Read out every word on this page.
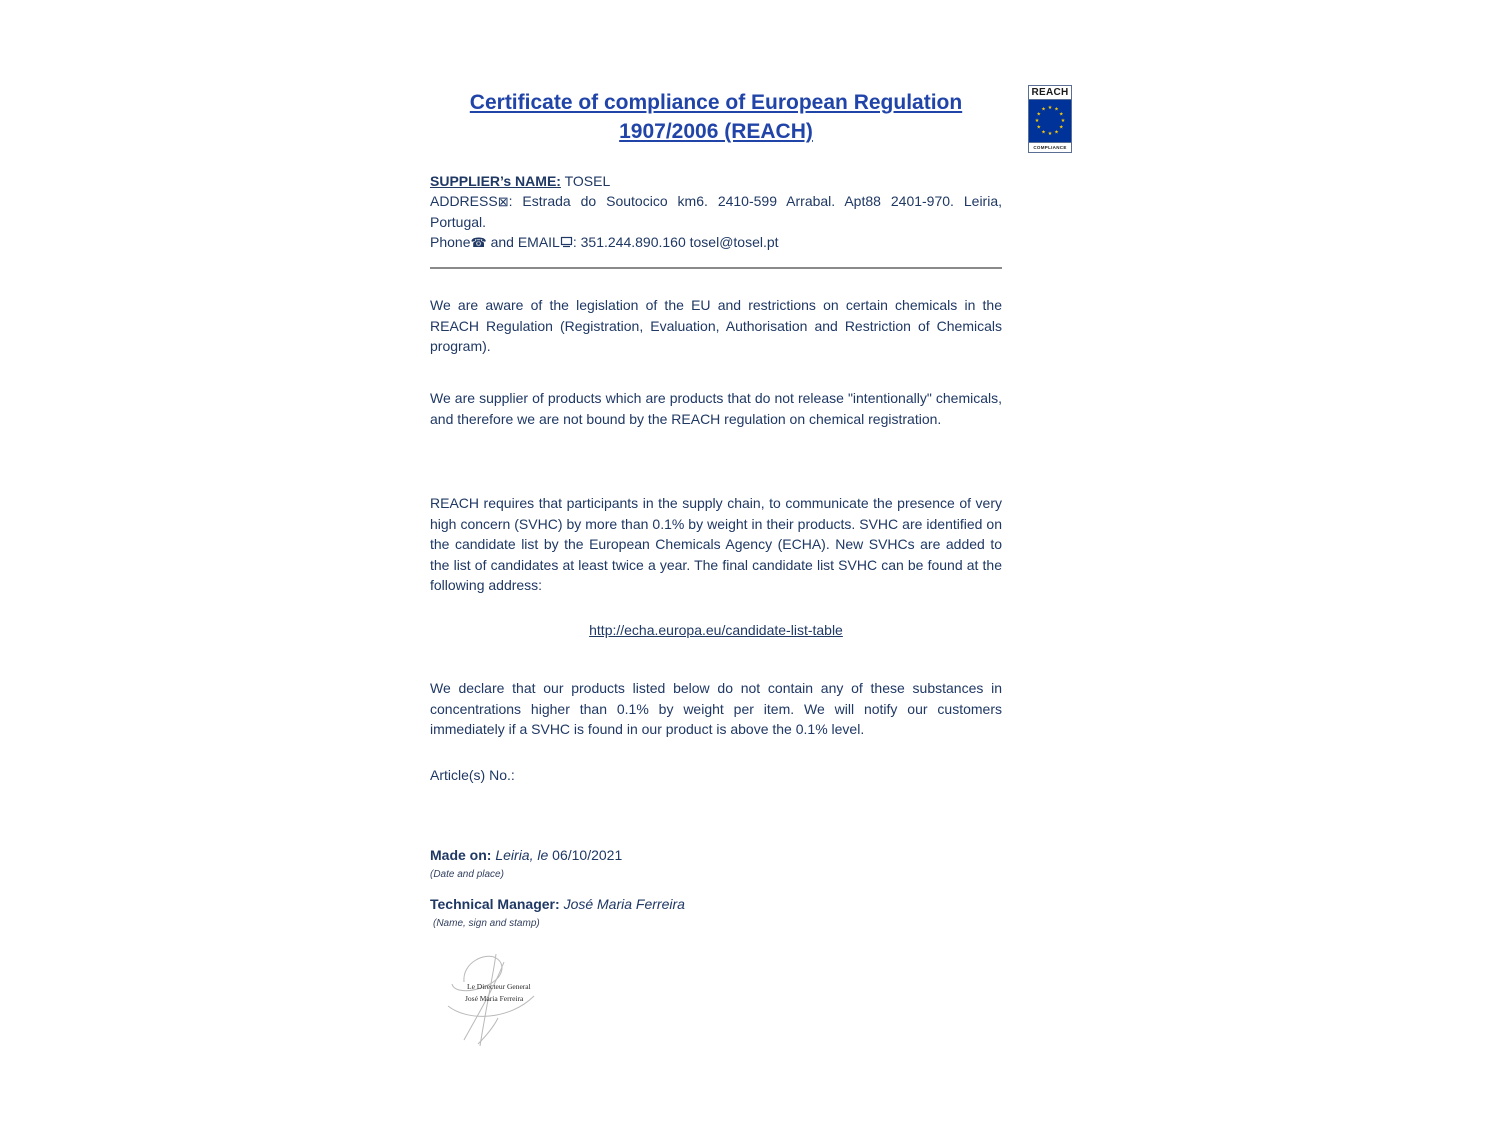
Certificate of compliance of European Regulation
1907/2006 (REACH)
REACH
★ ★
★
★
★
★
★
★
★
★
★
★
COMPLIANCE
SUPPLIER’s NAME: TOSEL
ADDRESS⊠: Estrada do Soutocico km6. 2410-599 Arrabal. Apt88 2401-970. Leiria, Portugal.
Phone☎ and EMAIL : 351.244.890.160 tosel@tosel.pt
We are aware of the legislation of the EU and restrictions on certain chemicals in the REACH Regulation (Registration, Evaluation, Authorisation and Restriction of Chemicals program).
We are supplier of products which are products that do not release "intentionally" chemicals, and therefore we are not bound by the REACH regulation on chemical registration.
REACH requires that participants in the supply chain, to communicate the presence of very high concern (SVHC) by more than 0.1% by weight in their products. SVHC are identified on the candidate list by the European Chemicals Agency (ECHA). New SVHCs are added to the list of candidates at least twice a year. The final candidate list SVHC can be found at the following address:
http://echa.europa.eu/candidate-list-table
We declare that our products listed below do not contain any of these substances in concentrations higher than 0.1% by weight per item. We will notify our customers immediately if a SVHC is found in our product is above the 0.1% level.
Article(s) No.:
Made on: Leiria, le 06/10/2021
(Date and place)
Technical Manager: José Maria Ferreira
(Name, sign and stamp)
Le Directeur General
José Maria Ferreira
